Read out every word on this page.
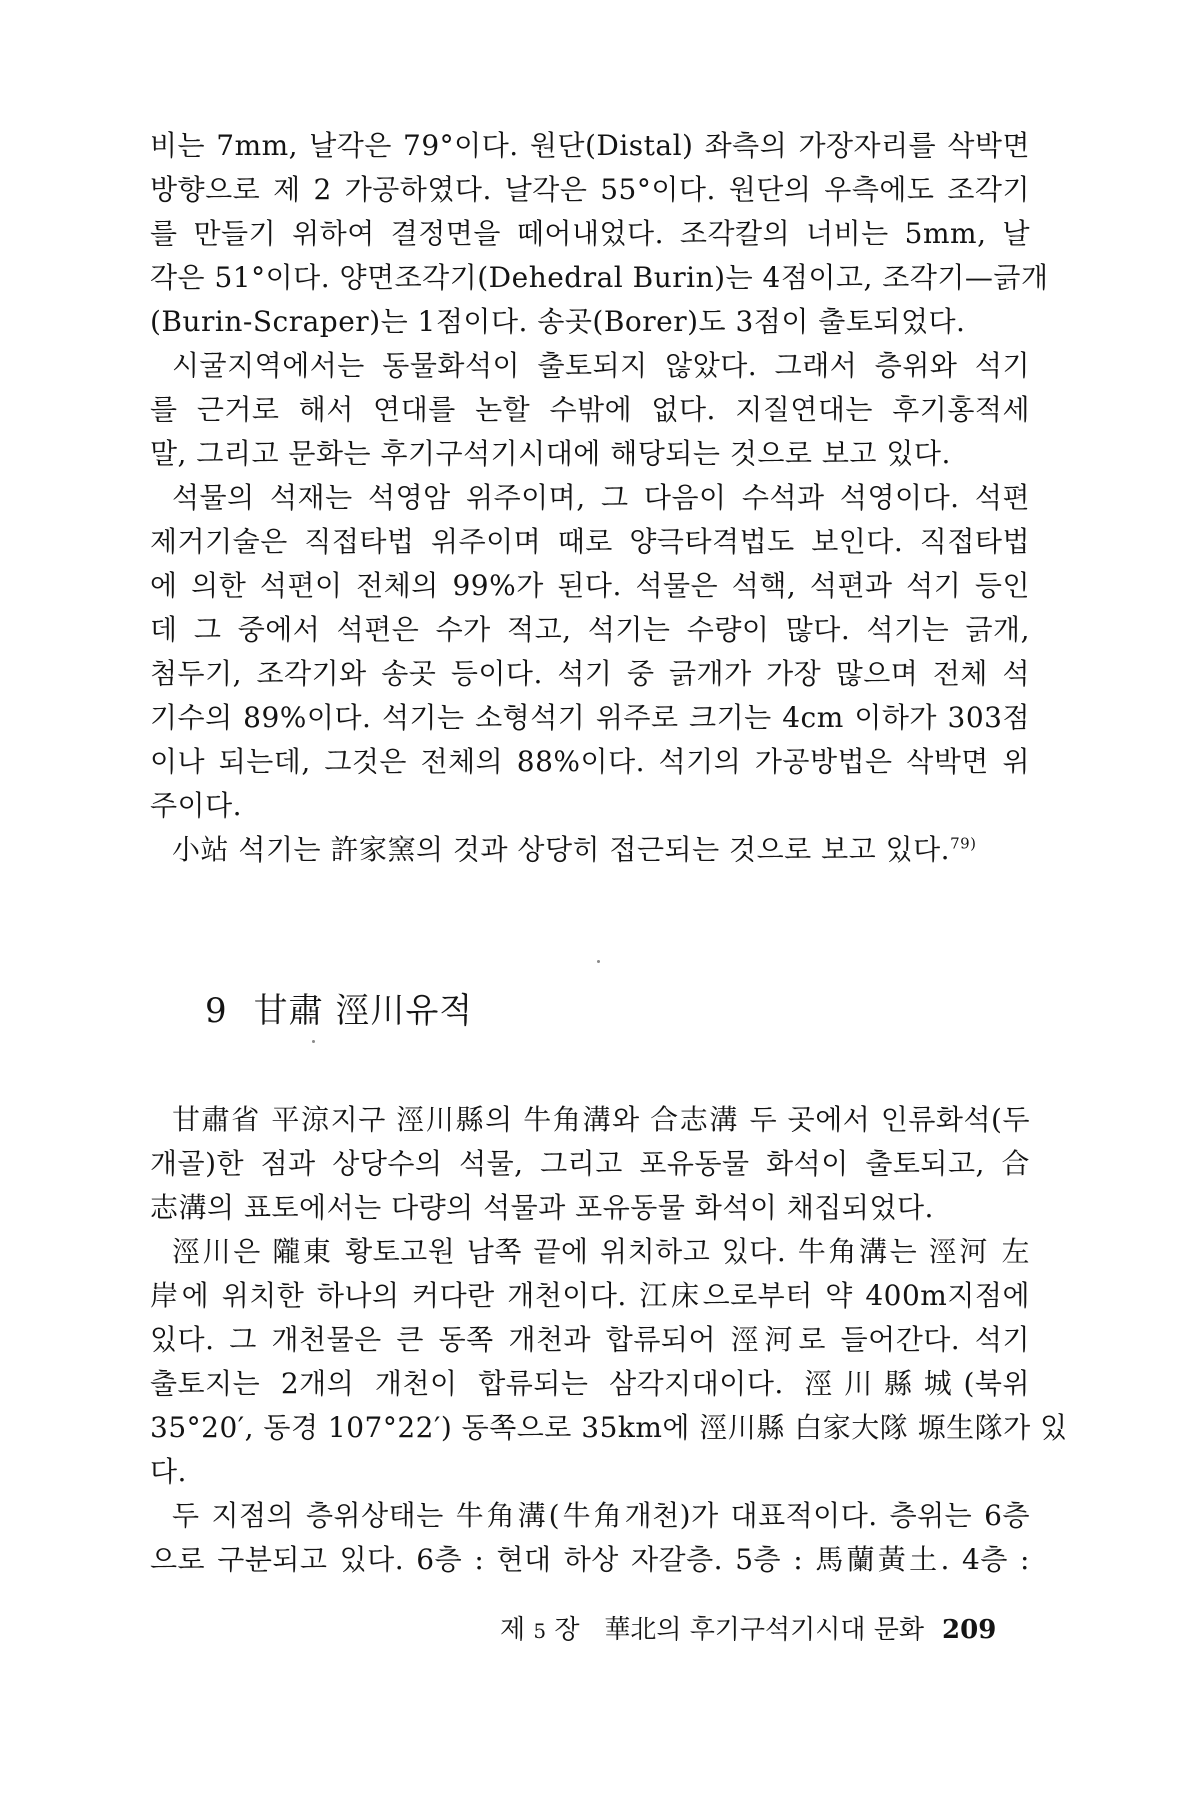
비는 7mm, 날각은 79°이다. 원단(Distal) 좌측의 가장자리를 삭박면
방향으로 제 2 가공하였다. 날각은 55°이다. 원단의 우측에도 조각기
를 만들기 위하여 결정면을 떼어내었다. 조각칼의 너비는 5mm, 날
각은 51°이다. 양면조각기(Dehedral Burin)는 4점이고, 조각기—긁개
(Burin-Scraper)는 1점이다. 송곳(Borer)도 3점이 출토되었다.
시굴지역에서는 동물화석이 출토되지 않았다. 그래서 층위와 석기
를 근거로 해서 연대를 논할 수밖에 없다. 지질연대는 후기홍적세
말, 그리고 문화는 후기구석기시대에 해당되는 것으로 보고 있다.
석물의 석재는 석영암 위주이며, 그 다음이 수석과 석영이다. 석편
제거기술은 직접타법 위주이며 때로 양극타격법도 보인다. 직접타법
에 의한 석편이 전체의 99%가 된다. 석물은 석핵, 석편과 석기 등인
데 그 중에서 석편은 수가 적고, 석기는 수량이 많다. 석기는 긁개,
첨두기, 조각기와 송곳 등이다. 석기 중 긁개가 가장 많으며 전체 석
기수의 89%이다. 석기는 소형석기 위주로 크기는 4cm 이하가 303점
이나 되는데, 그것은 전체의 88%이다. 석기의 가공방법은 삭박면 위
주이다.
小站 석기는 許家窯의 것과 상당히 접근되는 것으로 보고 있다.$^{79)}$
9 甘肅 涇川유적
甘肅省 平涼지구 涇川縣의 牛角溝와 合志溝 두 곳에서 인류화석(두
개골)한 점과 상당수의 석물, 그리고 포유동물 화석이 출토되고, 合
志溝의 표토에서는 다량의 석물과 포유동물 화석이 채집되었다.
涇川은 隴東 황토고원 남쪽 끝에 위치하고 있다. 牛角溝는 涇河 左
岸에 위치한 하나의 커다란 개천이다. 江床으로부터 약 400m지점에
있다. 그 개천물은 큰 동쪽 개천과 합류되어 涇河로 들어간다. 석기
출토지는 2개의 개천이 합류되는 삼각지대이다. 涇川縣城(북위
35°20′, 동경 107°22′) 동쪽으로 35km에 涇川縣 白家大隊 塬生隊가 있
다.
두 지점의 층위상태는 牛角溝(牛角개천)가 대표적이다. 층위는 6층
으로 구분되고 있다. 6층 : 현대 하상 자갈층. 5층 : 馬蘭黃土. 4층 :
제 5 장 華北의 후기구석기시대 문화 209
